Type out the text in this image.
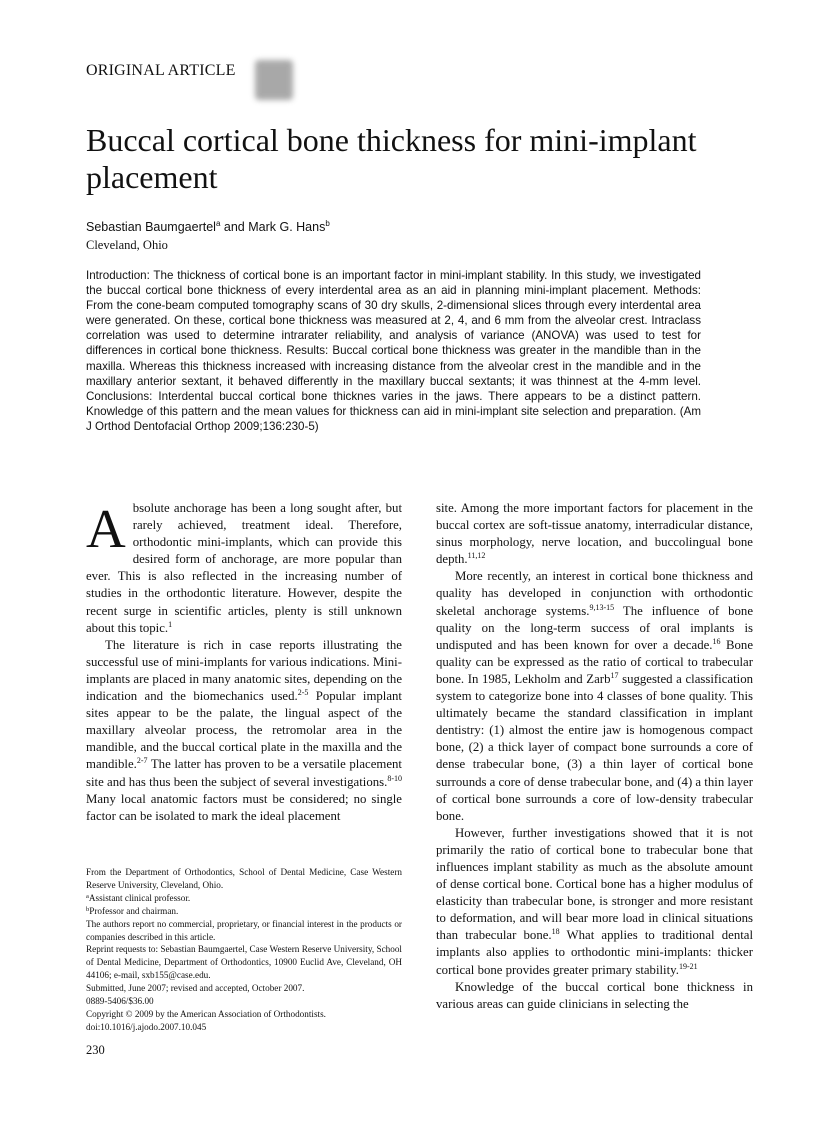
ORIGINAL ARTICLE
Buccal cortical bone thickness for mini-implant placement
Sebastian Baumgaertel$^a$ and Mark G. Hans$^b$
Cleveland, Ohio

Introduction: The thickness of cortical bone is an important factor in mini-implant stability. In this study, we investigated the buccal cortical bone thickness of every interdental area as an aid in planning mini-implant placement. Methods: From the cone-beam computed tomography scans of 30 dry skulls, 2-dimensional slices through every interdental area were generated. On these, cortical bone thickness was measured at 2, 4, and 6 mm from the alveolar crest. Intraclass correlation was used to determine intrarater reliability, and analysis of variance (ANOVA) was used to test for differences in cortical bone thickness. Results: Buccal cortical bone thickness was greater in the mandible than in the maxilla. Whereas this thickness increased with increasing distance from the alveolar crest in the mandible and in the maxillary anterior sextant, it behaved differently in the maxillary buccal sextants; it was thinnest at the 4-mm level. Conclusions: Interdental buccal cortical bone thicknes varies in the jaws. There appears to be a distinct pattern. Knowledge of this pattern and the mean values for thickness can aid in mini-implant site selection and preparation. (Am J Orthod Dentofacial Orthop 2009;136:230-5)

Absolute anchorage has been a long sought after, but rarely achieved, treatment ideal. Therefore, orthodontic mini-implants, which can provide this desired form of anchorage, are more popular than ever. This is also reflected in the increasing number of studies in the orthodontic literature. However, despite the recent surge in scientific articles, plenty is still unknown about this topic.$^1$

The literature is rich in case reports illustrating the successful use of mini-implants for various indications. Mini-implants are placed in many anatomic sites, depending on the indication and the biomechanics used.$^{2-5}$ Popular implant sites appear to be the palate, the lingual aspect of the maxillary alveolar process, the retromolar area in the mandible, and the buccal cortical plate in the maxilla and the mandible.$^{2-7}$ The latter has proven to be a versatile placement site and has thus been the subject of several investigations.$^{8-10}$ Many local anatomic factors must be considered; no single factor can be isolated to mark the ideal placement

site. Among the more important factors for placement in the buccal cortex are soft-tissue anatomy, interradicular distance, sinus morphology, nerve location, and buccolingual bone depth.$^{11,12}$

More recently, an interest in cortical bone thickness and quality has developed in conjunction with orthodontic skeletal anchorage systems.$^{9,13-15}$ The influence of bone quality on the long-term success of oral implants is undisputed and has been known for over a decade.$^{16}$ Bone quality can be expressed as the ratio of cortical to trabecular bone. In 1985, Lekholm and Zarb$^{17}$ suggested a classification system to categorize bone into 4 classes of bone quality. This ultimately became the standard classification in implant dentistry: (1) almost the entire jaw is homogenous compact bone, (2) a thick layer of compact bone surrounds a core of dense trabecular bone, (3) a thin layer of cortical bone surrounds a core of dense trabecular bone, and (4) a thin layer of cortical bone surrounds a core of low-density trabecular bone.

However, further investigations showed that it is not primarily the ratio of cortical bone to trabecular bone that influences implant stability as much as the absolute amount of dense cortical bone. Cortical bone has a higher modulus of elasticity than trabecular bone, is stronger and more resistant to deformation, and will bear more load in clinical situations than trabecular bone.$^{18}$ What applies to traditional dental implants also applies to orthodontic mini-implants: thicker cortical bone provides greater primary stability.$^{19-21}$

Knowledge of the buccal cortical bone thickness in various areas can guide clinicians in selecting the

From the Department of Orthodontics, School of Dental Medicine, Case Western Reserve University, Cleveland, Ohio.
$^a$Assistant clinical professor.
$^b$Professor and chairman.
The authors report no commercial, proprietary, or financial interest in the products or companies described in this article.
Reprint requests to: Sebastian Baumgaertel, Case Western Reserve University, School of Dental Medicine, Department of Orthodontics, 10900 Euclid Ave, Cleveland, OH 44106; e-mail, sxb155@case.edu.
Submitted, June 2007; revised and accepted, October 2007.
0889-5406/$36.00
Copyright © 2009 by the American Association of Orthodontists.
doi:10.1016/j.ajodo.2007.10.045
230
